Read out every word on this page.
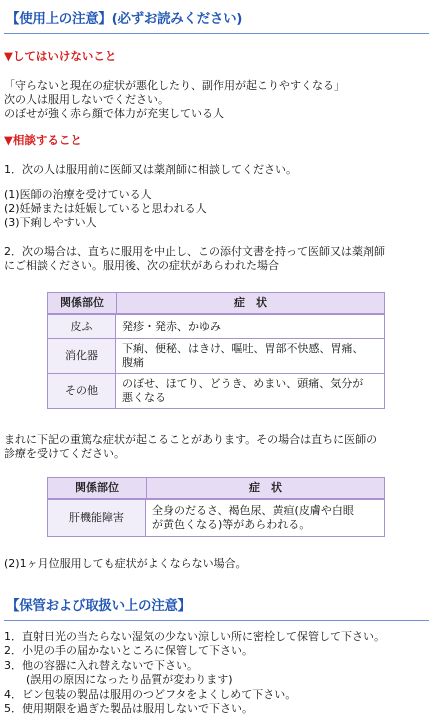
【使用上の注意】(必ずお読みください)
▼してはいけないこと
「守らないと現在の症状が悪化したり、副作用が起こりやすくなる」
次の人は服用しないでください。
のぼせが強く赤ら顔で体力が充実している人
▼相談すること
1．次の人は服用前に医師又は薬剤師に相談してください。
(1)医師の治療を受けている人
(2)妊婦または妊娠していると思われる人
(3)下痢しやすい人
2．次の場合は、直ちに服用を中止し、この添付文書を持って医師又は薬剤師
にご相談ください。服用後、次の症状があらわれた場合
関係部位	症　状
皮ふ	発疹・発赤、かゆみ
消化器	下痢、便秘、はきけ、嘔吐、胃部不快感、胃痛、
腹痛

その他	のぼせ、ほてり、どうき、めまい、頭痛、気分が
悪くなる
まれに下記の重篤な症状が起こることがあります。その場合は直ちに医師の
診療を受けてください。
関係部位	症　状
肝機能障害	全身のだるさ、褐色尿、黄疸(皮膚や白眼
が黄色くなる)等があらわれる。
(2)1ヶ月位服用しても症状がよくならない場合。
【保管および取扱い上の注意】
1．直射日光の当たらない湿気の少ない涼しい所に密栓して保管して下さい。
2．小児の手の届かないところに保管して下さい。
3．他の容器に入れ替えないで下さい。
　　(誤用の原因になったり品質が変わります)
4．ビン包装の製品は服用のつどフタをよくしめて下さい。
5．使用期限を過ぎた製品は服用しないで下さい。
